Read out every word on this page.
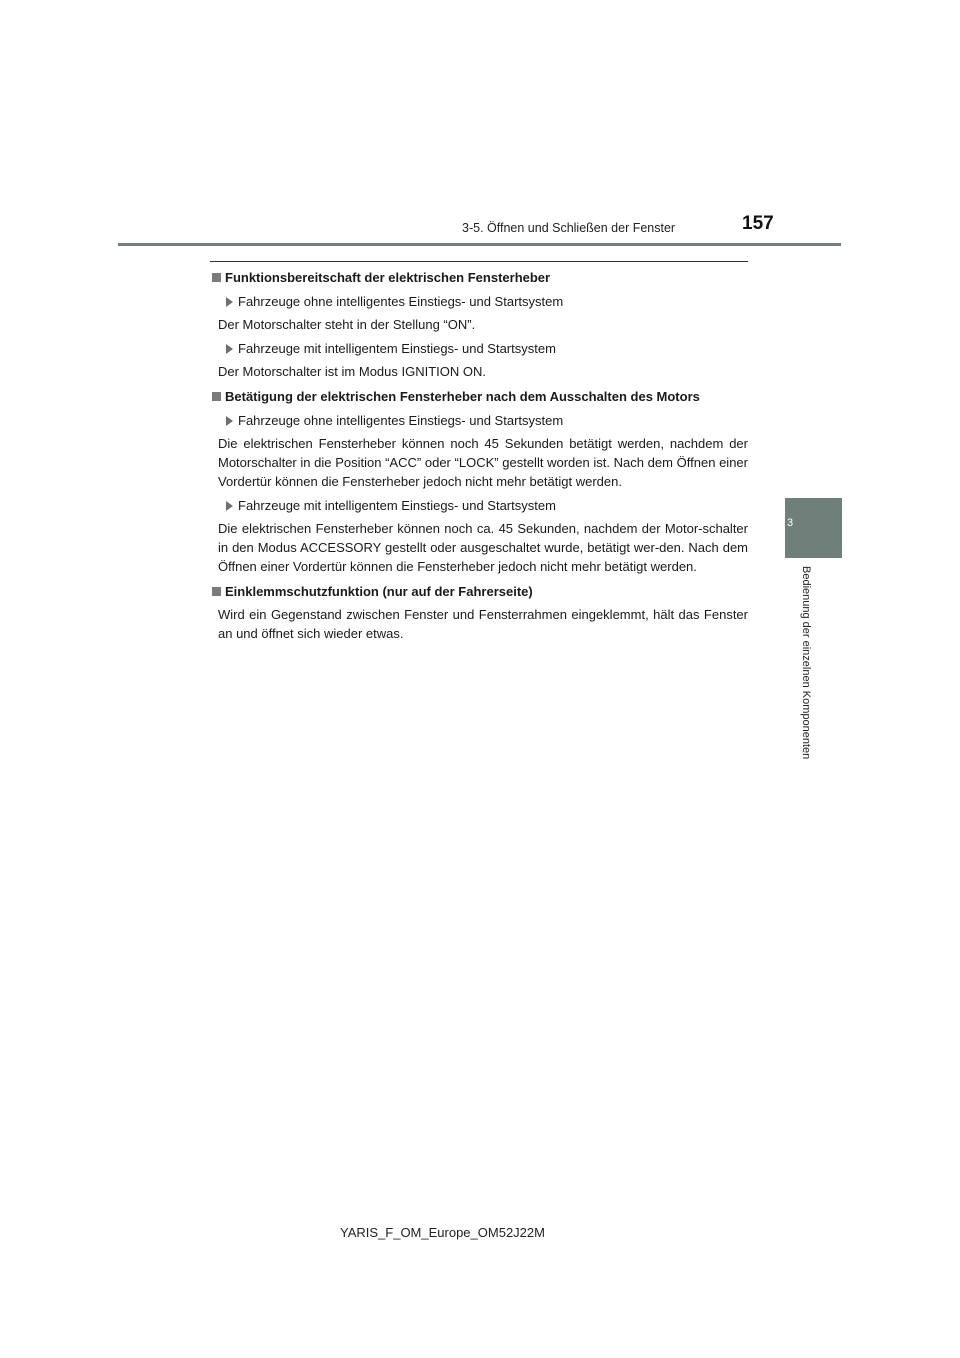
3-5. Öffnen und Schließen der Fenster	157
3
Bedienung der einzelnen Komponenten

Funktionsbereitschaft der elektrischen Fensterheber

Fahrzeuge ohne intelligentes Einstiegs- und Startsystem

Der Motorschalter steht in der Stellung “ON”.

Fahrzeuge mit intelligentem Einstiegs- und Startsystem

Der Motorschalter ist im Modus IGNITION ON.

Betätigung der elektrischen Fensterheber nach dem Ausschalten des Motors

Fahrzeuge ohne intelligentes Einstiegs- und Startsystem

Die elektrischen Fensterheber können noch 45 Sekunden betätigt werden, nachdem der Motorschalter in die Position “ACC” oder “LOCK” gestellt worden ist. Nach dem Öffnen einer Vordertür können die Fensterheber jedoch nicht mehr betätigt werden.

Fahrzeuge mit intelligentem Einstiegs- und Startsystem

Die elektrischen Fensterheber können noch ca. 45 Sekunden, nachdem der Motor-schalter in den Modus ACCESSORY gestellt oder ausgeschaltet wurde, betätigt wer-den. Nach dem Öffnen einer Vordertür können die Fensterheber jedoch nicht mehr betätigt werden.

Einklemmschutzfunktion (nur auf der Fahrerseite)

Wird ein Gegenstand zwischen Fenster und Fensterrahmen eingeklemmt, hält das Fenster an und öffnet sich wieder etwas.

YARIS_F_OM_Europe_OM52J22M
